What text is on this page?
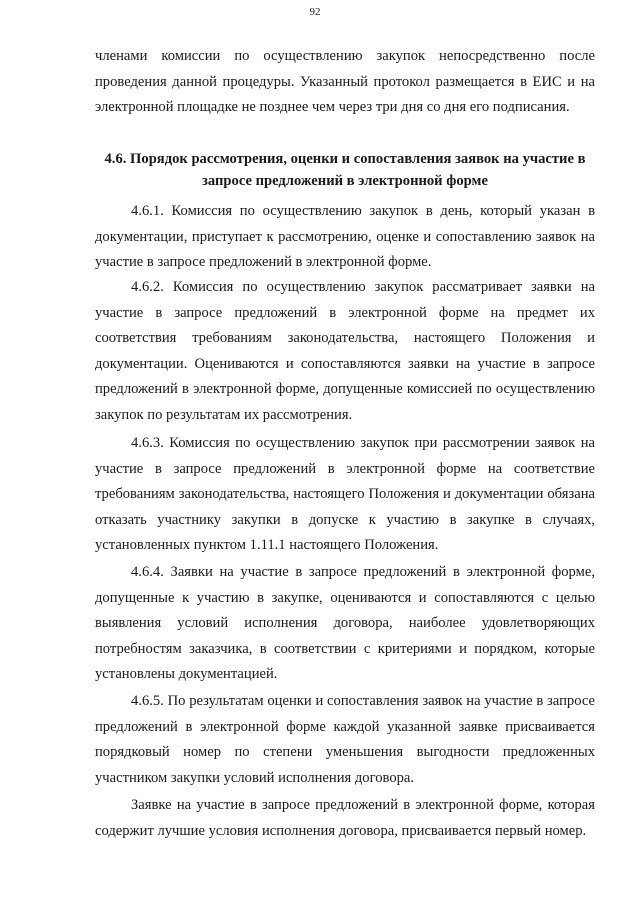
92
членами комиссии по осуществлению закупок непосредственно после проведения данной процедуры. Указанный протокол размещается в ЕИС и на электронной площадке не позднее чем через три дня со дня его подписания.
4.6. Порядок рассмотрения, оценки и сопоставления заявок на участие в запросе предложений в электронной форме
4.6.1. Комиссия по осуществлению закупок в день, который указан в документации, приступает к рассмотрению, оценке и сопоставлению заявок на участие в запросе предложений в электронной форме.
4.6.2. Комиссия по осуществлению закупок рассматривает заявки на участие в запросе предложений в электронной форме на предмет их соответствия требованиям законодательства, настоящего Положения и документации. Оцениваются и сопоставляются заявки на участие в запросе предложений в электронной форме, допущенные комиссией по осуществлению закупок по результатам их рассмотрения.
4.6.3. Комиссия по осуществлению закупок при рассмотрении заявок на участие в запросе предложений в электронной форме на соответствие требованиям законодательства, настоящего Положения и документации обязана отказать участнику закупки в допуске к участию в закупке в случаях, установленных пунктом 1.11.1 настоящего Положения.
4.6.4. Заявки на участие в запросе предложений в электронной форме, допущенные к участию в закупке, оцениваются и сопоставляются с целью выявления условий исполнения договора, наиболее удовлетворяющих потребностям заказчика, в соответствии с критериями и порядком, которые установлены документацией.
4.6.5. По результатам оценки и сопоставления заявок на участие в запросе предложений в электронной форме каждой указанной заявке присваивается порядковый номер по степени уменьшения выгодности предложенных участником закупки условий исполнения договора.
Заявке на участие в запросе предложений в электронной форме, которая содержит лучшие условия исполнения договора, присваивается первый номер.
